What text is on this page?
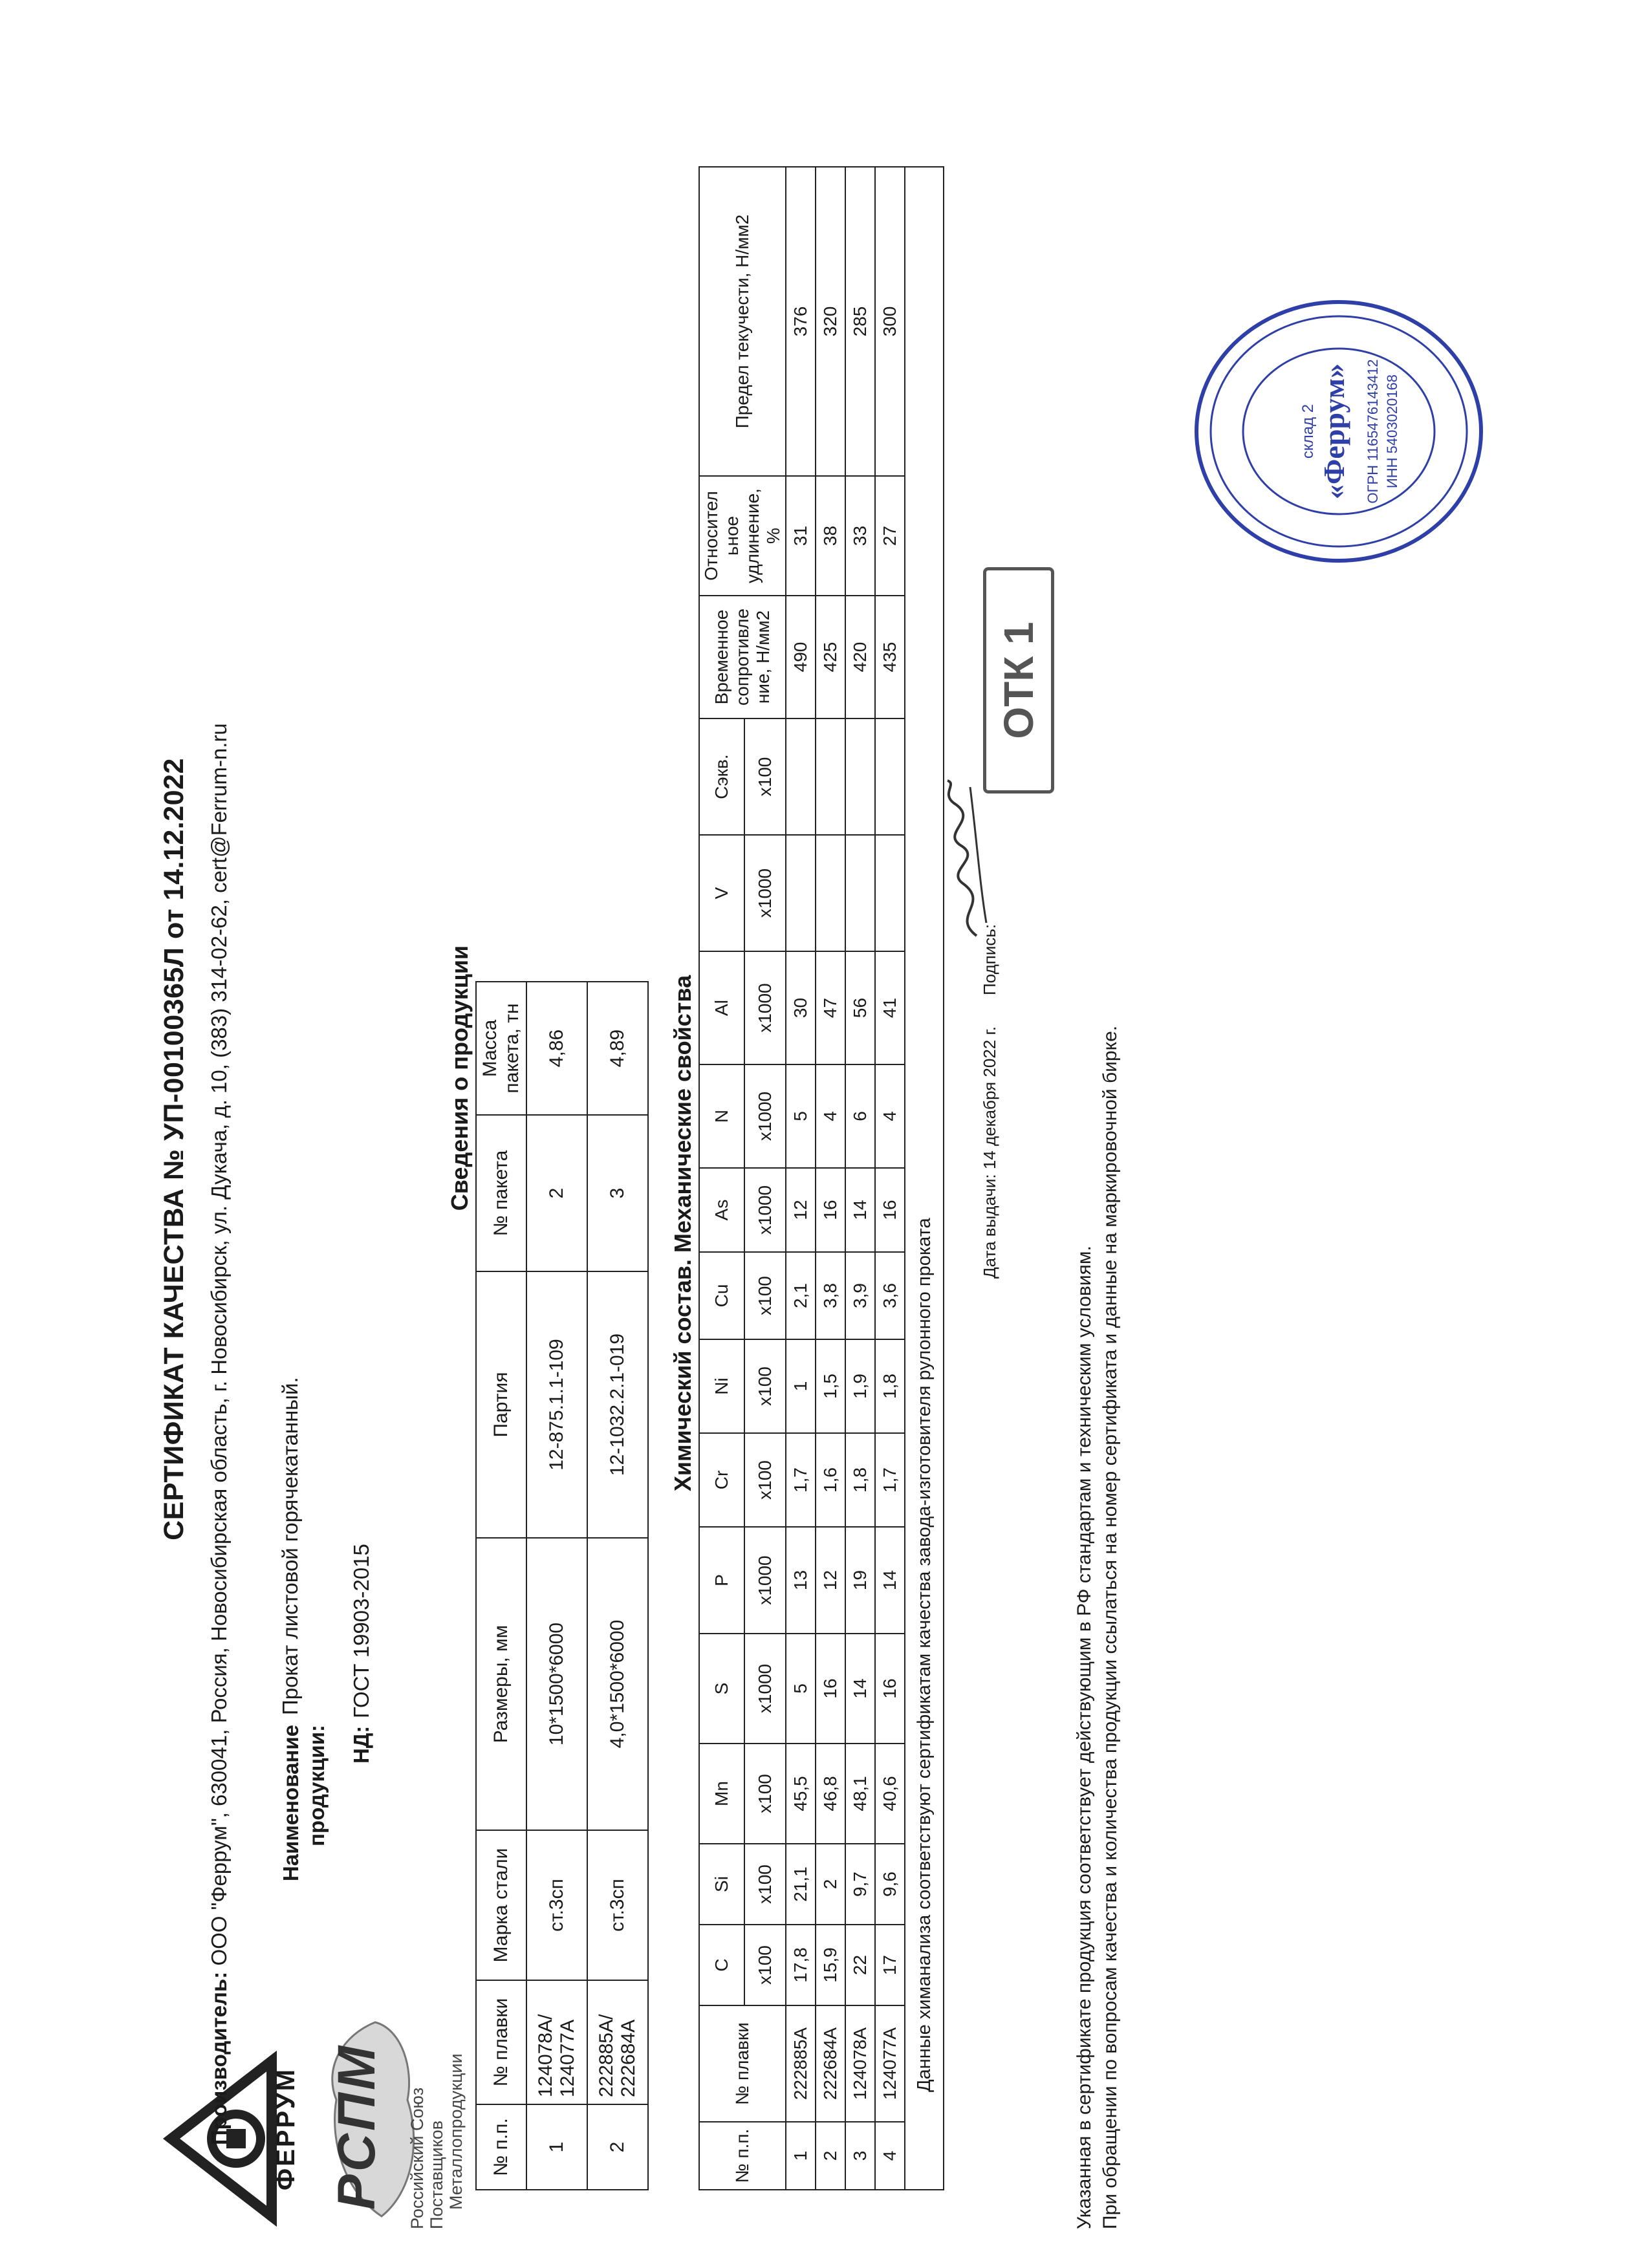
ФЕРРУМ РСПМ Российский Союз Поставщиков Металлопродукции
СЕРТИФИКАТ КАЧЕСТВА № УП-00100365Л от 14.12.2022
Производитель: ООО "Феррум", 630041, Россия, Новосибирская область, г. Новосибирск, ул. Дукача, д. 10, (383) 314-02-62, cert@Ferrum-n.ru Наименование продукции:
Прокат листовой горячекатанный.
НД:
ГОСТ 19903-2015
Сведения о продукции
№ п.п.	№ плавки	Марка стали	Размеры, мм	Партия	№ пакета	Масса пакета, тн
1	124078A/ 124077A	ст.3сп	10*1500*6000	12-875.1.1-109	2	4,86
2	222885A/ 222684A	ст.3сп	4,0*1500*6000	12-1032.2.1-019	3	4,89 Химический состав. Механические свойства
№ п.п.	№ плавки	C	Si	Mn	S	P	Cr	Ni	Cu	As	N	Al	V	Сэкв.	Временное сопротивле ние, Н/мм2	Относител ьное удлинение, %	Предел текучести, Н/мм2
		x100	x100	x100	x1000	x1000	x100	x100	x100	x1000	x1000	x1000	x1000	x100			
1	222885A	17,8	21,1	45,5	5	13	1,7	1	2,1	12	5	30			490	31	376
2	222684A	15,9	2	46,8	16	12	1,6	1,5	3,8	16	4	47			425	38	320
3	124078A	22	9,7	48,1	14	19	1,8	1,9	3,9	14	6	56			420	33	285
4	124077A	17	9,6	40,6	16	14	1,7	1,8	3,6	16	4	41			435	27	300
Данные химанализа соответствуют сертификатам качества завода-изготовителя рулонного проката																	
Дата выдачи: 14 декабря 2022 г.
Подпись:
ОТК 1
Указанная в сертификате продукция соответствует действующим в РФ стандартам и техническим условиям. При обращении по вопросам качества и количества продукции ссылаться на номер сертификата и данные на маркировочной бирке.
«Феррум»
склад 2	ОГРН 1165476143412 ИНН 5403020168
